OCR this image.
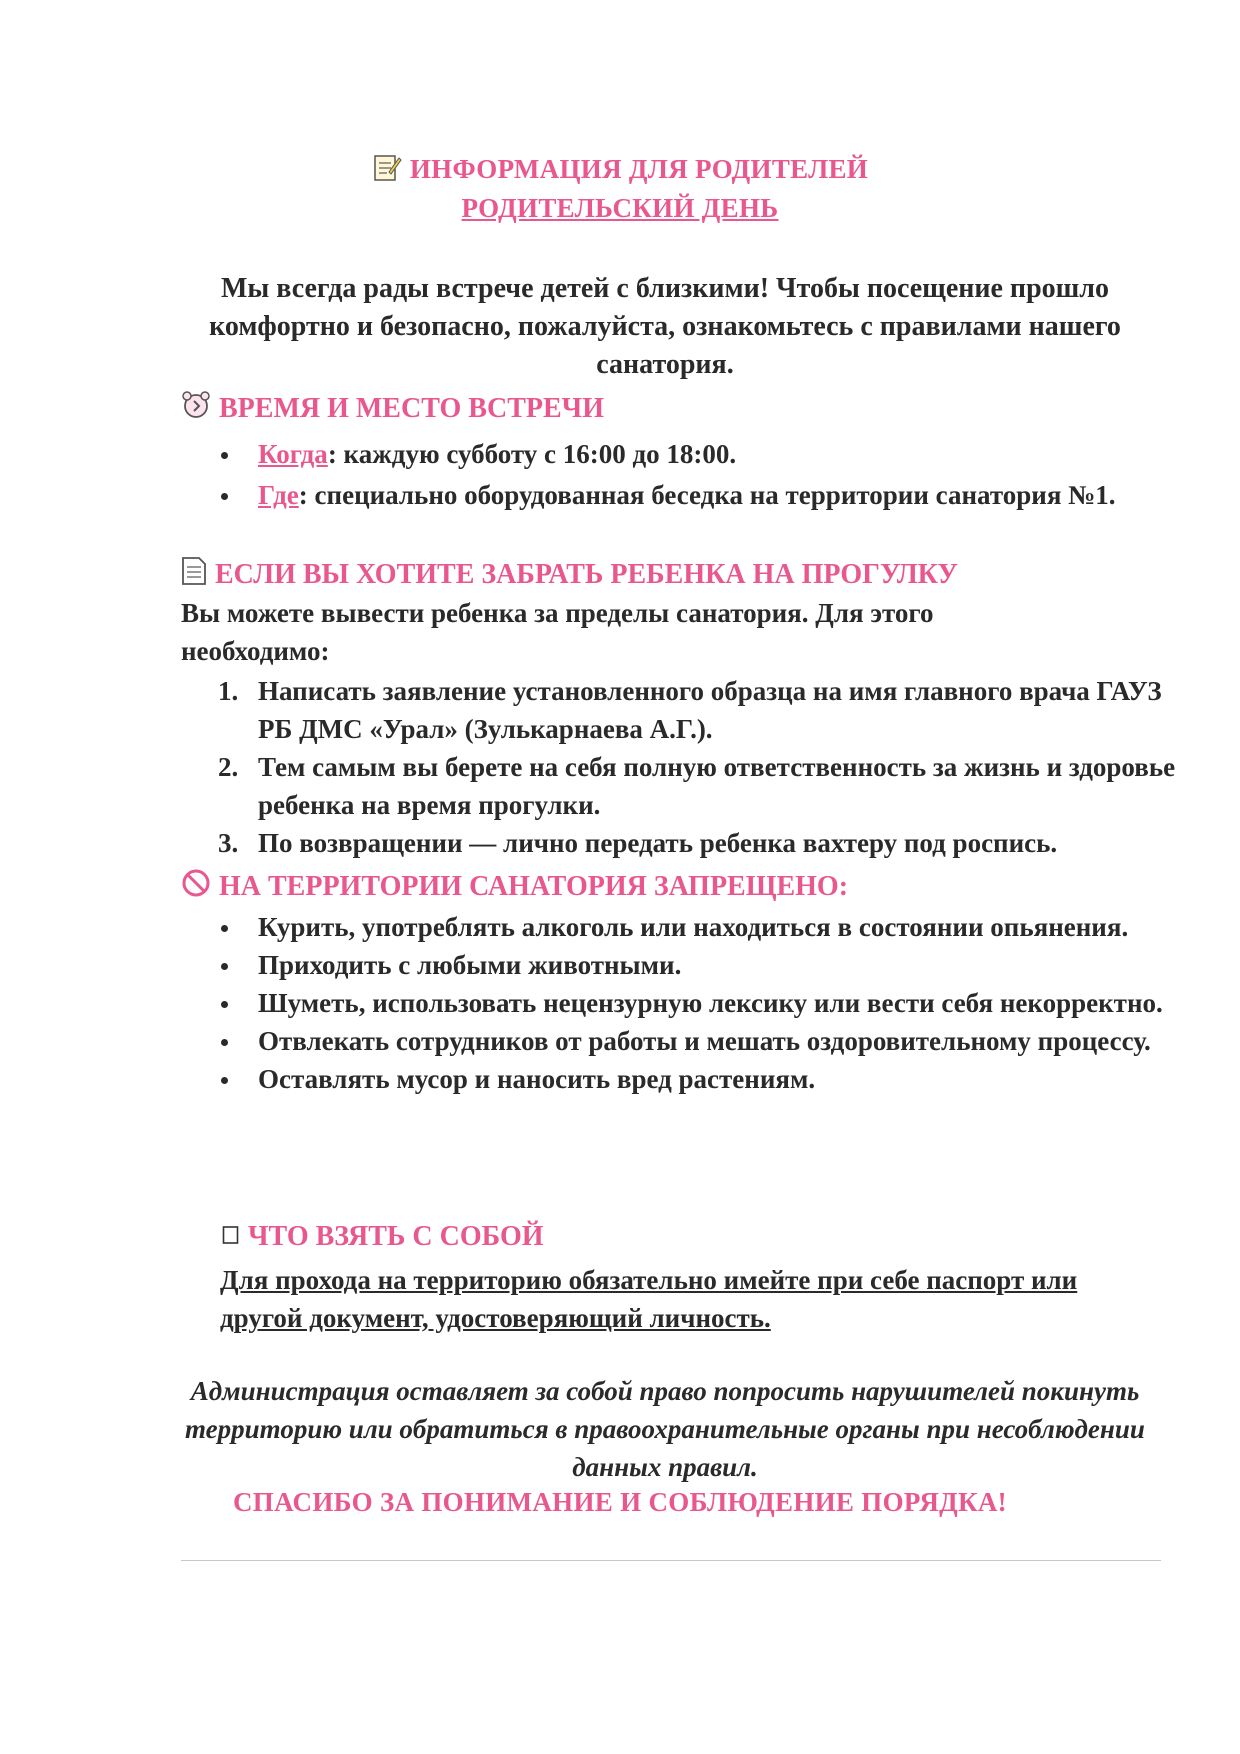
ИНФОРМАЦИЯ ДЛЯ РОДИТЕЛЕЙ
РОДИТЕЛЬСКИЙ ДЕНЬ
Мы всегда рады встрече детей с близкими! Чтобы посещение прошло комфортно и безопасно, пожалуйста, ознакомьтесь с правилами нашего санатория.
ВРЕМЯ И МЕСТО ВСТРЕЧИ
Когда: каждую субботу с 16:00 до 18:00.
Где: специально оборудованная беседка на территории санатория №1.
ЕСЛИ ВЫ ХОТИТЕ ЗАБРАТЬ РЕБЕНКА НА ПРОГУЛКУ
Вы можете вывести ребенка за пределы санатория. Для этого необходимо:
1. Написать заявление установленного образца на имя главного врача ГАУЗ РБ ДМС «Урал» (Зулькарнаева А.Г.).
2. Тем самым вы берете на себя полную ответственность за жизнь и здоровье ребенка на время прогулки.
3. По возвращении — лично передать ребенка вахтеру под роспись.
НА ТЕРРИТОРИИ САНАТОРИЯ ЗАПРЕЩЕНО:
Курить, употреблять алкоголь или находиться в состоянии опьянения.
Приходить с любыми животными.
Шуметь, использовать нецензурную лексику или вести себя некорректно.
Отвлекать сотрудников от работы и мешать оздоровительному процессу.
Оставлять мусор и наносить вред растениям.
ЧТО ВЗЯТЬ С СОБОЙ
Для прохода на территорию обязательно имейте при себе паспорт или другой документ, удостоверяющий личность.
Администрация оставляет за собой право попросить нарушителей покинуть территорию или обратиться в правоохранительные органы при несоблюдении данных правил.
СПАСИБО ЗА ПОНИМАНИЕ И СОБЛЮДЕНИЕ ПОРЯДКА!
